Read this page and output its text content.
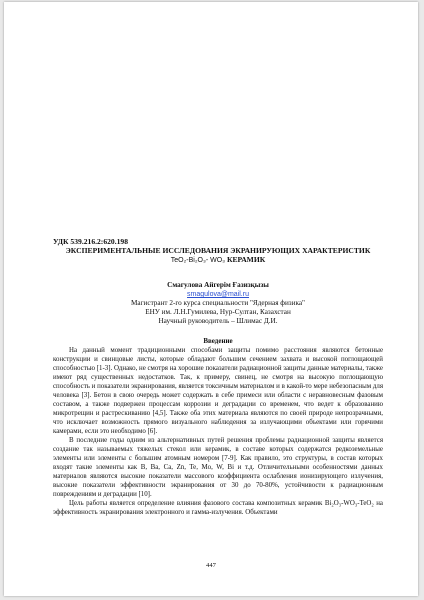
УДК 539.216.2:620.198
ЭКСПЕРИМЕНТАЛЬНЫЕ ИССЛЕДОВАНИЯ ЭКРАНИРУЮЩИХ ХАРАКТЕРИСТИК
TeO₂-Bi₂O₃- WO₃ КЕРАМИК
Смагулова Айгерім Ғазизқызы
smagulova@mail.ru
Магистрант 2-го курса специальности "Ядерная физика"
ЕНУ им. Л.Н.Гумилева, Нур-Султан, Казахстан
Научный руководитель – Шлимас Д.И.
Введение

На данный момент традиционными способами защиты помимо расстояния являются бетонные конструкции и свинцовые листы, которые обладают большим сечением захвата и высокой поглощающей способностью [1-3]. Однако, не смотря на хорошие показатели радиационной защиты данные материалы, также имеют ряд существенных недостатков. Так, к примеру, свинец, не смотря на высокую поглощающую способность и показатели экранирования, является токсичным материалом и в какой-то мере небезопасным для человека [3]. Бетон в свою очередь может содержать в себе примеси или области с неравновесным фазовым составом, а также подвержен процессам коррозии и деградации со временем, что ведет к образованию микротрещин и растрескиванию [4,5]. Также оба этих материала являются по своей природе непрозрачными, что исключает возможность прямого визуального наблюдения за излучающими объектами или горячими камерами, если это необходимо [6].

В последние годы одним из альтернативных путей решения проблемы радиационной защиты является создание так называемых тяжелых стекол или керамик, в составе которых содержатся редкоземельные элементы или элементы с большим атомным номером [7-9]. Как правило, это структуры, в состав которых входят такие элементы как B, Ba, Ca, Zn, Te, Mo, W, Bi и т.д. Отличительными особенностями данных материалов являются высокие показатели массового коэффициента ослабления ионизирующего излучения, высокие показатели эффективности экранирования от 30 до 70-80%, устойчивости к радиационным повреждениям и деградации [10].

Цель работы является определение влияния фазового состава композитных керамик Bi₂O₃-WO₃-TeO₂ на эффективность экранирования электронного и гамма-излучения. Объектами

447
